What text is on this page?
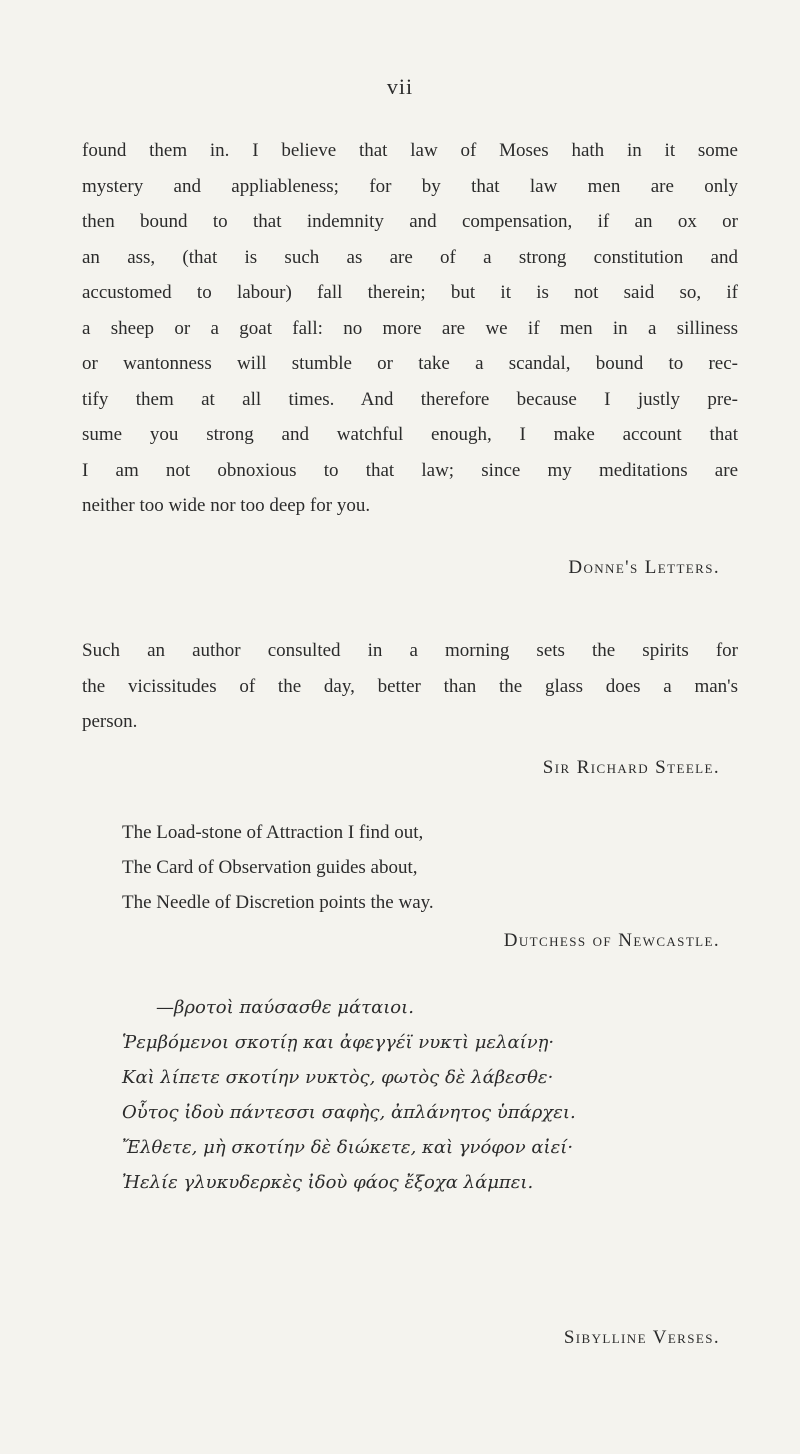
vii
found them in. I believe that law of Moses hath in it some
mystery and appliableness; for by that law men are only
then bound to that indemnity and compensation, if an ox or
an ass, (that is such as are of a strong constitution and
accustomed to labour) fall therein; but it is not said so, if
a sheep or a goat fall: no more are we if men in a silliness
or wantonness will stumble or take a scandal, bound to rec-
tify them at all times. And therefore because I justly pre-
sume you strong and watchful enough, I make account that
I am not obnoxious to that law; since my meditations are
neither too wide nor too deep for you.
Donne's Letters.
Such an author consulted in a morning sets the spirits for
the vicissitudes of the day, better than the glass does a man's
person.
Sir Richard Steele.
The Load-stone of Attraction I find out,
The Card of Observation guides about,
The Needle of Discretion points the way.
Dutchess of Newcastle.
—βροτοὶ παύσασθε μάταιοι.
Ῥεμβόμενοι σκοτίῃ και ἀφεγγέϊ νυκτὶ μελαίνῃ·
Καὶ λίπετε σκοτίην νυκτὸς, φωτὸς δὲ λάβεσθε·
Οὗτος ἰδοὺ πάντεσσι σαφὴς, ἀπλάνητος ὑπάρχει.
Ἔλθετε, μὴ σκοτίην δὲ διώκετε, καὶ γνόφον αἰεί·
Ἠελίε γλυκυδερκὲς ἰδοὺ φάος ἔξοχα λάμπει.
Sibylline Verses.
